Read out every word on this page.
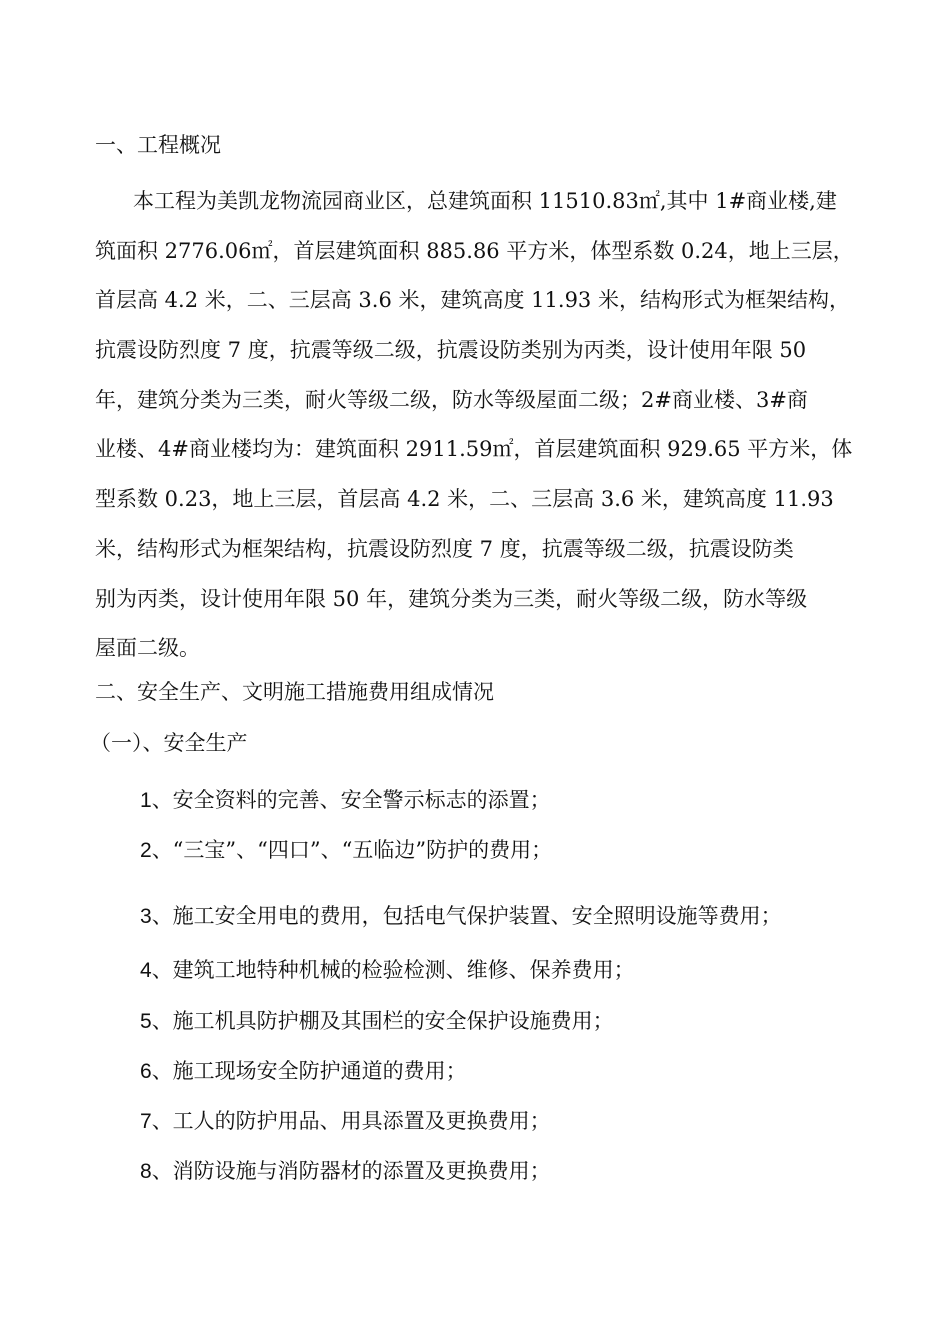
一、工程概况
本工程为美凯龙物流园商业区，总建筑面积 11510.83㎡,其中 1#商业楼,建
筑面积 2776.06㎡，首层建筑面积 885.86 平方米，体型系数 0.24，地上三层，
首层高 4.2 米，二、三层高 3.6 米，建筑高度 11.93 米，结构形式为框架结构，
抗震设防烈度 7 度，抗震等级二级，抗震设防类别为丙类，设计使用年限 50
年，建筑分类为三类，耐火等级二级，防水等级屋面二级；2#商业楼、3#商
业楼、4#商业楼均为：建筑面积 2911.59㎡，首层建筑面积 929.65 平方米，体
型系数 0.23，地上三层，首层高 4.2 米，二、三层高 3.6 米，建筑高度 11.93
米，结构形式为框架结构，抗震设防烈度 7 度，抗震等级二级，抗震设防类
别为丙类，设计使用年限 50 年，建筑分类为三类，耐火等级二级，防水等级
屋面二级。
二、安全生产、文明施工措施费用组成情况
（一）、安全生产
1、安全资料的完善、安全警示标志的添置；
2、“三宝”、“四口”、“五临边”防护的费用；
3、施工安全用电的费用，包括电气保护装置、安全照明设施等费用；
4、建筑工地特种机械的检验检测、维修、保养费用；
5、施工机具防护棚及其围栏的安全保护设施费用；
6、施工现场安全防护通道的费用；
7、工人的防护用品、用具添置及更换费用；
8、消防设施与消防器材的添置及更换费用；
